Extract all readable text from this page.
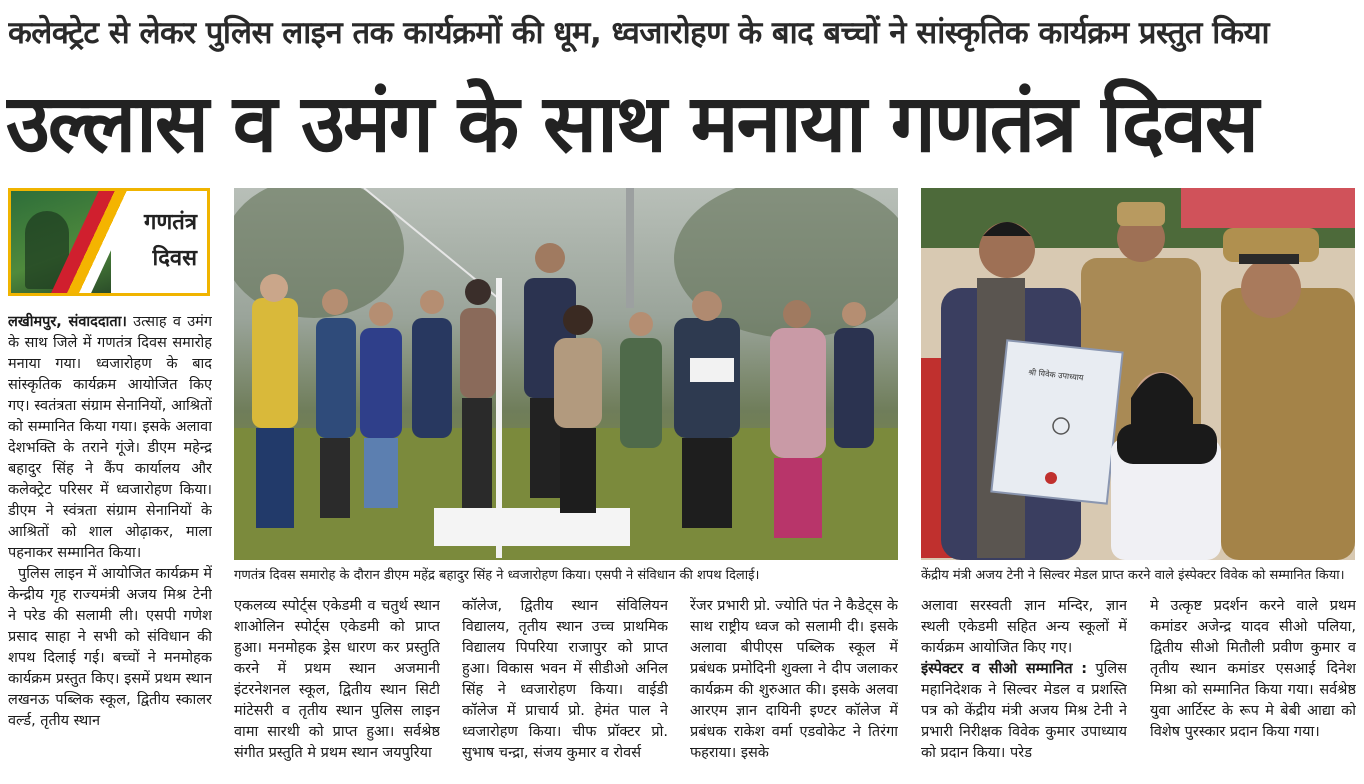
कलेक्ट्रेट से लेकर पुलिस लाइन तक कार्यक्रमों की धूम, ध्वजारोहण के बाद बच्चों ने सांस्कृतिक कार्यक्रम प्रस्तुत किया
उल्लास व उमंग के साथ मनाया गणतंत्र दिवस
गणतंत्र
दिवस
गणतंत्र दिवस समारोह के दौरान डीएम महेंद्र बहादुर सिंह ने ध्वजारोहण किया। एसपी ने संविधान की शपथ दिलाई।
श्री विवेक उपाध्याय
केंद्रीय मंत्री अजय टेनी ने सिल्वर मेडल प्राप्त करने वाले इंस्पेक्टर विवेक को सम्मानित किया।

लखीमपुर, संवाददाता। उत्साह व उमंग के साथ जिले में गणतंत्र दिवस समारोह मनाया गया। ध्वजारोहण के बाद सांस्कृतिक कार्यक्रम आयोजित किए गए। स्वतंत्रता संग्राम सेनानियों, आश्रितों को सम्मानित किया गया। इसके अलावा देशभक्ति के तराने गूंजे। डीएम महेन्द्र बहादुर सिंह ने कैंप कार्यालय और कलेक्ट्रेट परिसर में ध्वजारोहण किया। डीएम ने स्वंत्रता संग्राम सेनानियों के आश्रितों को शाल ओढ़ाकर, माला पहनाकर सम्मानित किया।

पुलिस लाइन में आयोजित कार्यक्रम में केन्द्रीय गृह राज्यमंत्री अजय मिश्र टेनी ने परेड की सलामी ली। एसपी गणेश प्रसाद साहा ने सभी को संविधान की शपथ दिलाई गई। बच्चों ने मनमोहक कार्यक्रम प्रस्तुत किए। इसमें प्रथम स्थान लखनऊ पब्लिक स्कूल, द्वितीय स्कालर वर्ल्ड, तृतीय स्थान

एकलव्य स्पोर्ट्स एकेडमी व चतुर्थ स्थान शाओलिन स्पोर्ट्स एकेडमी को प्राप्त हुआ। मनमोहक ड्रेस धारण कर प्रस्तुति करने में प्रथम स्थान अजमानी इंटरनेशनल स्कूल, द्वितीय स्थान सिटी मांटेसरी व तृतीय स्थान पुलिस लाइन वामा सारथी को प्राप्त हुआ। सर्वश्रेष्ठ संगीत प्रस्तुति मे प्रथम स्थान जयपुरिया
कॉलेज, द्वितीय स्थान संविलियन विद्यालय, तृतीय स्थान उच्च प्राथमिक विद्यालय पिपरिया राजापुर को प्राप्त हुआ। विकास भवन में सीडीओ अनिल सिंह ने ध्वजारोहण किया। वाईडी कॉलेज में प्राचार्य प्रो. हेमंत पाल ने ध्वजारोहण किया। चीफ प्रॉक्टर प्रो. सुभाष चन्द्रा, संजय कुमार व रोवर्स
रेंजर प्रभारी प्रो. ज्योति पंत ने कैडेट्स के साथ राष्ट्रीय ध्वज को सलामी दी। इसके अलावा बीपीएस पब्लिक स्कूल में प्रबंधक प्रमोदिनी शुक्ला ने दीप जलाकर कार्यक्रम की शुरुआत की। इसके अलवा आरएम ज्ञान दायिनी इण्टर कॉलेज में प्रबंधक राकेश वर्मा एडवोकेट ने तिरंगा फहराया। इसके

अलावा सरस्वती ज्ञान मन्दिर, ज्ञान स्थली एकेडमी सहित अन्य स्कूलों में कार्यक्रम आयोजित किए गए।

इंस्पेक्टर व सीओ सम्मानित : पुलिस महानिदेशक ने सिल्वर मेडल व प्रशस्ति पत्र को केंद्रीय मंत्री अजय मिश्र टेनी ने प्रभारी निरीक्षक विवेक कुमार उपाध्याय को प्रदान किया। परेड

मे उत्कृष्ट प्रदर्शन करने वाले प्रथम कमांडर अजेन्द्र यादव सीओ पलिया, द्वितीय सीओ मितौली प्रवीण कुमार व तृतीय स्थान कमांडर एसआई दिनेश मिश्रा को सम्मानित किया गया। सर्वश्रेष्ठ युवा आर्टिस्ट के रूप मे बेबी आद्या को विशेष पुरस्कार प्रदान किया गया।
